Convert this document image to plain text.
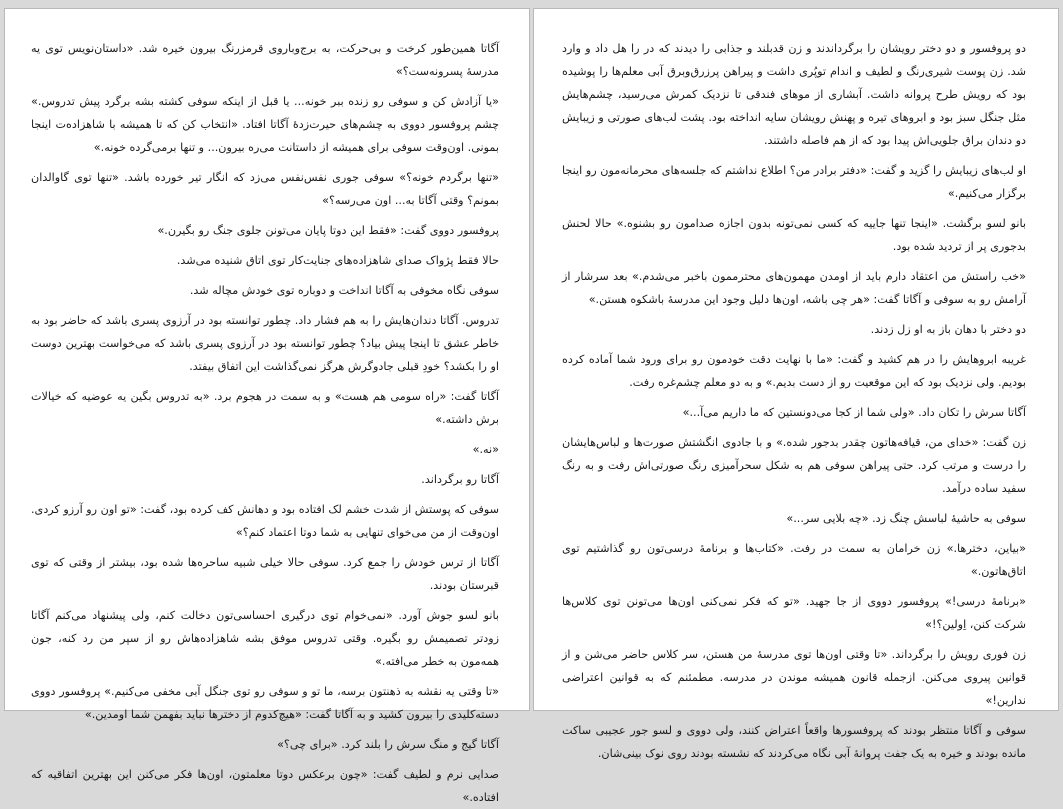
دو پروفسور و دو دختر رویشان را برگرداندند و زن قدبلند و جذابی را دیدند که در را هل داد و وارد شد. زن پوست شیری‌رنگ و لطیف و اندام توپُری داشت و پیراهن پرزرق‌وبرق آبی معلم‌ها را پوشیده بود که رویش طرح پروانه داشت. آبشاری از موهای فندقی تا نزدیک کمرش می‌رسید، چشم‌هایش مثل جنگل سبز بود و ابروهای تیره و پهنش رویشان سایه انداخته بود. پشت لب‌های صورتی و زیبایش دو دندان براق جلویی‌اش پیدا بود که از هم فاصله داشتند.

او لب‌های زیبایش را گزید و گفت: «دفتر برادر من؟ اطلاع نداشتم که جلسه‌های محرمانه‌مون رو اینجا برگزار می‌کنیم.»

بانو لسو برگشت. «اینجا تنها جاییه که کسی نمی‌تونه بدون اجازه صدامون رو بشنوه.» حالا لحنش بدجوری پر از تردید شده بود.

«خب راستش من اعتقاد دارم باید از اومدن مهمون‌های محترممون باخبر می‌شدم.» بعد سرشار از آرامش رو به سوفی و آگاتا گفت: «هر چی باشه، اون‌ها دلیل وجود این مدرسهٔ باشکوه هستن.»

دو دختر با دهان باز به او زل زدند.

غریبه ابروهایش را در هم کشید و گفت: «ما با نهایت دقت خودمون رو برای ورود شما آماده کرده بودیم. ولی نزدیک بود که این موقعیت رو از دست بدیم.» و به دو معلم چشم‌غره رفت.

آگاتا سرش را تکان داد. «ولی شما از کجا می‌دونستین که ما داریم می‌آ...»

زن گفت: «خدای من، قیافه‌هاتون چقدر بدجور شده.» و با جادوی انگشتش صورت‌ها و لباس‌هایشان را درست و مرتب کرد. حتی پیراهن سوفی هم به شکل سحرآمیزی رنگ صورتی‌اش رفت و به رنگ سفید ساده درآمد.

سوفی به حاشیهٔ لباسش چنگ زد. «چه بلایی سر...»

«بیاین، دخترها.» زن خرامان به سمت در رفت. «کتاب‌ها و برنامهٔ درسی‌تون رو گذاشتیم توی اتاق‌هاتون.»

«برنامهٔ درسی!» پروفسور دووی از جا جهید. «تو که فکر نمی‌کنی اون‌ها می‌تونن توی کلاس‌ها شرکت کنن، اِولین؟!»

زن فوری رویش را برگرداند. «تا وقتی اون‌ها توی مدرسهٔ من هستن، سر کلاس حاضر می‌شن و از قوانین پیروی می‌کنن. ازجمله قانون همیشه موندن در مدرسه. مطمئنم که به قوانین اعتراضی ندارین!»

سوفی و آگاتا منتظر بودند که پروفسورها واقعاً اعتراض کنند، ولی دووی و لسو جور عجیبی ساکت مانده بودند و خیره به یک جفت پروانهٔ آبی نگاه می‌کردند که نشسته بودند روی نوک بینی‌شان.

آگاتا همین‌طور کرخت و بی‌حرکت، به برج‌وباروی قرمزرنگ بیرون خیره شد. «داستان‌نویس توی یه مدرسهٔ پسرونه‌ست؟»

«یا آزادش کن و سوفی رو زنده ببر خونه... یا قبل از اینکه سوفی کشته بشه برگرد پیش تدروس.» چشم پروفسور دووی به چشم‌های حیرت‌زدهٔ آگاتا افتاد. «انتخاب کن که تا همیشه با شاهزاده‌ت اینجا بمونی. اون‌وقت سوفی برای همیشه از داستانت می‌ره بیرون... و تنها برمی‌گرده خونه.»

«تنها برگردم خونه؟» سوفی جوری نفس‌نفس می‌زد که انگار تیر خورده باشد. «تنها توی گاوالدان بمونم؟ وقتی آگاتا به... اون می‌رسه؟»

پروفسور دووی گفت: «فقط این دوتا پایان می‌تونن جلوی جنگ رو بگیرن.»

حالا فقط پژواک صدای شاهزاده‌های جنایت‌کار توی اتاق شنیده می‌شد.

سوفی نگاه مخوفی به آگاتا انداخت و دوباره توی خودش مچاله شد.

تدروس. آگاتا دندان‌هایش را به هم فشار داد. چطور توانسته بود در آرزوی پسری باشد که حاضر بود به خاطر عشق تا اینجا پیش بیاد؟ چطور توانسته بود در آرزوی پسری باشد که می‌خواست بهترین دوست او را بکشد؟ خودِ قبلی جادوگرش هرگز نمی‌گذاشت این اتفاق بیفتد.

آگاتا گفت: «راه سومی هم هست» و به سمت در هجوم برد. «به تدروس بگین یه عوضیه که خیالات برش داشته.»

«نه.»

آگاتا رو برگرداند.

سوفی که پوستش از شدت خشم لک افتاده بود و دهانش کف کرده بود، گفت: «تو اون رو آرزو کردی. اون‌وقت از من می‌خوای تنهایی به شما دوتا اعتماد کنم؟»

آگاتا از ترس خودش را جمع کرد. سوفی حالا خیلی شبیه ساحره‌ها شده بود، بیشتر از وقتی که توی قبرستان بودند.

بانو لسو جوش آورد. «نمی‌خوام توی درگیری احساسی‌تون دخالت کنم، ولی پیشنهاد می‌کنم آگاتا زودتر تصمیمش رو بگیره. وقتی تدروس موفق بشه شاهزاده‌هاش رو از سپر من رد کنه، جون همه‌مون به خطر می‌افته.»

«تا وقتی یه نقشه به ذهنتون برسه، ما تو و سوفی رو توی جنگل آبی مخفی می‌کنیم.» پروفسور دووی دسته‌کلیدی را بیرون کشید و به آگاتا گفت: «هیچ‌کدوم از دخترها نباید بفهمن شما اومدین.»

آگاتا گیج و منگ سرش را بلند کرد. «برای چی؟»

صدایی نرم و لطیف گفت: «چون برعکس دوتا معلمتون، اون‌ها فکر می‌کنن این بهترین اتفاقیه که افتاده.»
